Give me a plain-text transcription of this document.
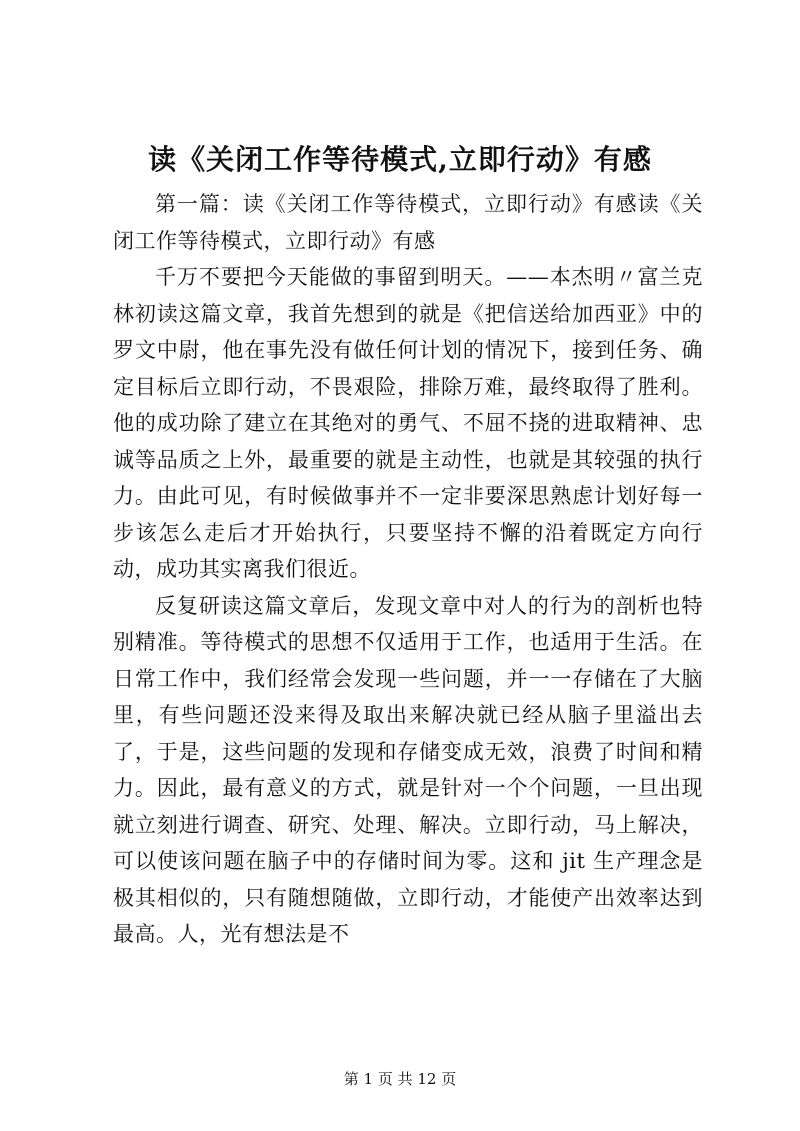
读《关闭工作等待模式,立即行动》有感

第一篇：读《关闭工作等待模式，立即行动》有感读《关闭工作等待模式，立即行动》有感

千万不要把今天能做的事留到明天。——本杰明〃富兰克林初读这篇文章，我首先想到的就是《把信送给加西亚》中的罗文中尉，他在事先没有做任何计划的情况下，接到任务、确定目标后立即行动，不畏艰险，排除万难，最终取得了胜利。他的成功除了建立在其绝对的勇气、不屈不挠的进取精神、忠诚等品质之上外，最重要的就是主动性，也就是其较强的执行力。由此可见，有时候做事并不一定非要深思熟虑计划好每一步该怎么走后才开始执行，只要坚持不懈的沿着既定方向行动，成功其实离我们很近。

反复研读这篇文章后，发现文章中对人的行为的剖析也特别精准。等待模式的思想不仅适用于工作，也适用于生活。在日常工作中，我们经常会发现一些问题，并一一存储在了大脑里，有些问题还没来得及取出来解决就已经从脑子里溢出去了，于是，这些问题的发现和存储变成无效，浪费了时间和精力。因此，最有意义的方式，就是针对一个个问题，一旦出现就立刻进行调查、研究、处理、解决。立即行动，马上解决，可以使该问题在脑子中的存储时间为零。这和 jit 生产理念是极其相似的，只有随想随做，立即行动，才能使产出效率达到最高。人，光有想法是不

第 1 页 共 12 页
